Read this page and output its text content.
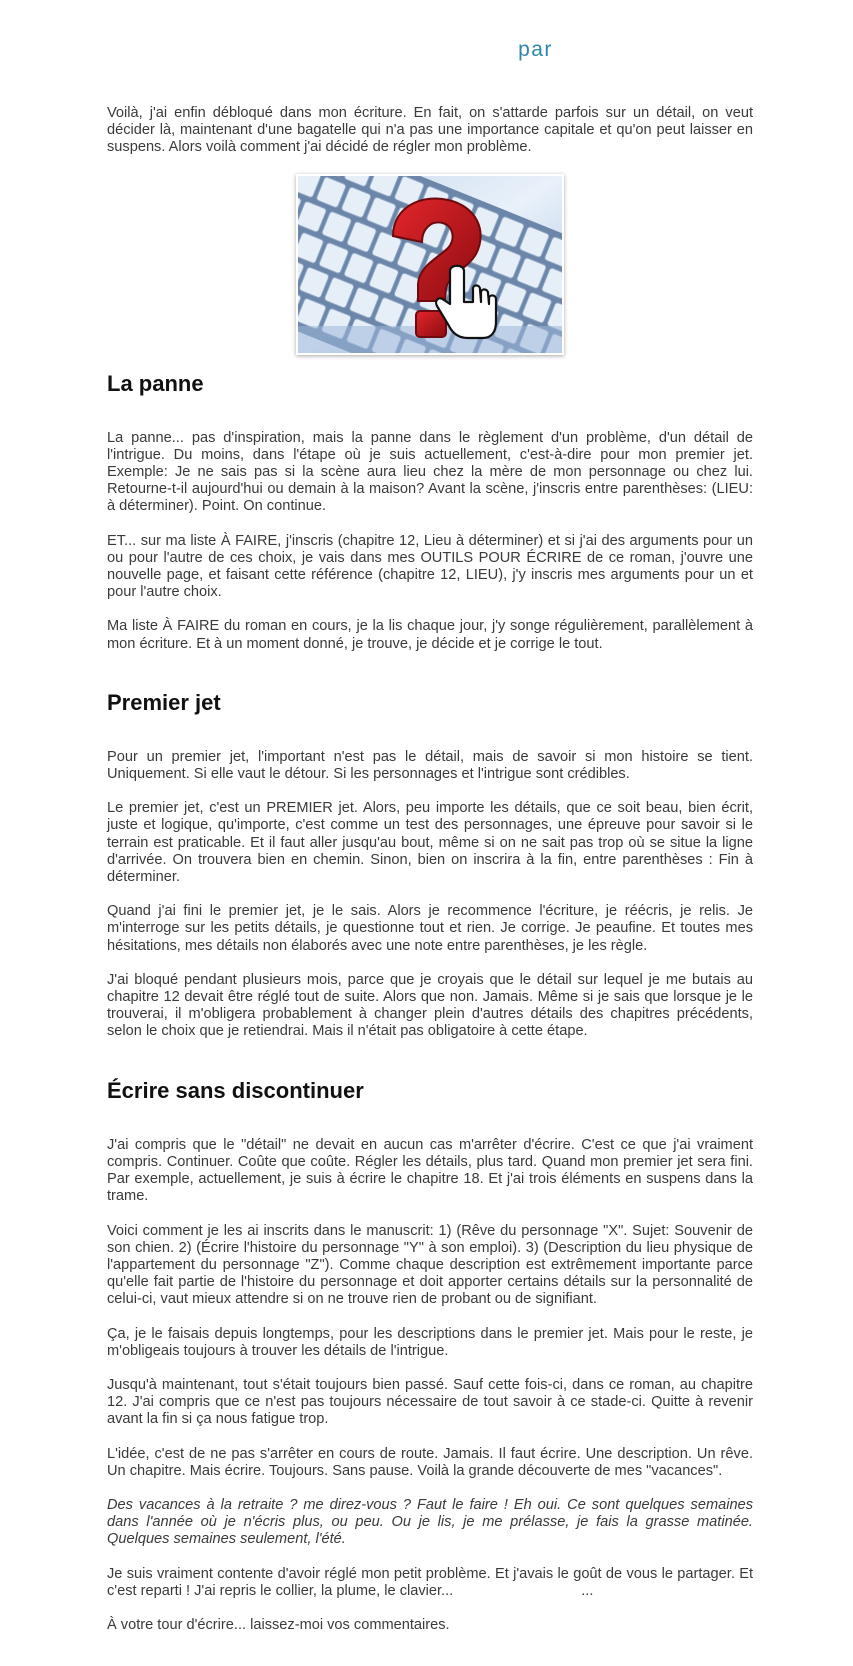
par

Voilà, j'ai enfin débloqué dans mon écriture. En fait, on s'attarde parfois sur un détail, on veut décider là, maintenant d'une bagatelle qui n'a pas une importance capitale et qu'on peut laisser en suspens. Alors voilà comment j'ai décidé de régler mon problème.

La panne

La panne... pas d'inspiration, mais la panne dans le règlement d'un problème, d'un détail de l'intrigue. Du moins, dans l'étape où je suis actuellement, c'est-à-dire pour mon premier jet. Exemple: Je ne sais pas si la scène aura lieu chez la mère de mon personnage ou chez lui. Retourne-t-il aujourd'hui ou demain à la maison? Avant la scène, j'inscris entre parenthèses: (LIEU: à déterminer). Point. On continue.

ET... sur ma liste À FAIRE, j'inscris (chapitre 12, Lieu à déterminer) et si j'ai des arguments pour un ou pour l'autre de ces choix, je vais dans mes OUTILS POUR ÉCRIRE de ce roman, j'ouvre une nouvelle page, et faisant cette référence (chapitre 12, LIEU), j'y inscris mes arguments pour un et pour l'autre choix.

Ma liste À FAIRE du roman en cours, je la lis chaque jour, j'y songe régulièrement, parallèlement à mon écriture. Et à un moment donné, je trouve, je décide et je corrige le tout.

Premier jet

Pour un premier jet, l'important n'est pas le détail, mais de savoir si mon histoire se tient. Uniquement. Si elle vaut le détour. Si les personnages et l'intrigue sont crédibles.

Le premier jet, c'est un PREMIER jet. Alors, peu importe les détails, que ce soit beau, bien écrit, juste et logique, qu'importe, c'est comme un test des personnages, une épreuve pour savoir si le terrain est praticable. Et il faut aller jusqu'au bout, même si on ne sait pas trop où se situe la ligne d'arrivée. On trouvera bien en chemin. Sinon, bien on inscrira à la fin, entre parenthèses : Fin à déterminer.

Quand j'ai fini le premier jet, je le sais. Alors je recommence l'écriture, je réécris, je relis. Je m'interroge sur les petits détails, je questionne tout et rien. Je corrige. Je peaufine. Et toutes mes hésitations, mes détails non élaborés avec une note entre parenthèses, je les règle.

J'ai bloqué pendant plusieurs mois, parce que je croyais que le détail sur lequel je me butais au chapitre 12 devait être réglé tout de suite. Alors que non. Jamais. Même si je sais que lorsque je le trouverai, il m'obligera probablement à changer plein d'autres détails des chapitres précédents, selon le choix que je retiendrai. Mais il n'était pas obligatoire à cette étape.

Écrire sans discontinuer

J'ai compris que le "détail" ne devait en aucun cas m'arrêter d'écrire. C'est ce que j'ai vraiment compris. Continuer. Coûte que coûte. Régler les détails, plus tard. Quand mon premier jet sera fini. Par exemple, actuellement, je suis à écrire le chapitre 18. Et j'ai trois éléments en suspens dans la trame.

Voici comment je les ai inscrits dans le manuscrit: 1) (Rêve du personnage "X". Sujet: Souvenir de son chien. 2) (Écrire l'histoire du personnage "Y" à son emploi). 3) (Description du lieu physique de l'appartement du personnage "Z"). Comme chaque description est extrêmement importante parce qu'elle fait partie de l'histoire du personnage et doit apporter certains détails sur la personnalité de celui-ci, vaut mieux attendre si on ne trouve rien de probant ou de signifiant.

Ça, je le faisais depuis longtemps, pour les descriptions dans le premier jet. Mais pour le reste, je m'obligeais toujours à trouver les détails de l'intrigue.

Jusqu'à maintenant, tout s'était toujours bien passé. Sauf cette fois-ci, dans ce roman, au chapitre 12. J'ai compris que ce n'est pas toujours nécessaire de tout savoir à ce stade-ci. Quitte à revenir avant la fin si ça nous fatigue trop.

L'idée, c'est de ne pas s'arrêter en cours de route. Jamais. Il faut écrire. Une description. Un rêve. Un chapitre. Mais écrire. Toujours. Sans pause. Voilà la grande découverte de mes "vacances".

Des vacances à la retraite ? me direz-vous ? Faut le faire ! Eh oui. Ce sont quelques semaines dans l'année où je n'écris plus, ou peu. Ou je lis, je me prélasse, je fais la grasse matinée. Quelques semaines seulement, l'été.

Je suis vraiment contente d'avoir réglé mon petit problème. Et j'avais le goût de vous le partager. Et c'est reparti ! J'ai repris le collier, la plume, le clavier...	...

À votre tour d'écrire... laissez-moi vos commentaires.
